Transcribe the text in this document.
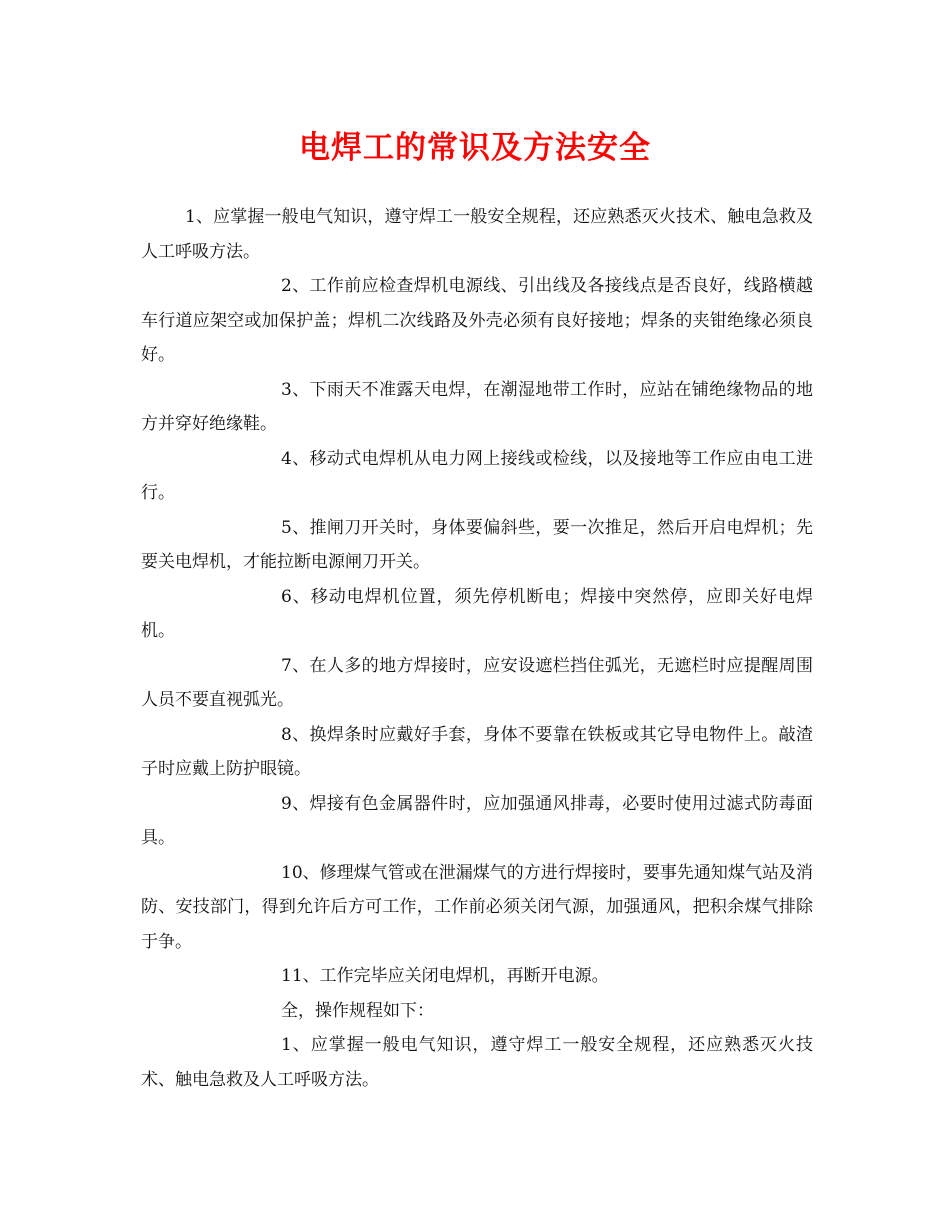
电焊工的常识及方法安全

1、应掌握一般电气知识，遵守焊工一般安全规程，还应熟悉灭火技术、触电急救及人工呼吸方法。

2、工作前应检查焊机电源线、引出线及各接线点是否良好，线路横越车行道应架空或加保护盖；焊机二次线路及外壳必须有良好接地；焊条的夹钳绝缘必须良好。

3、下雨天不准露天电焊，在潮湿地带工作时，应站在铺绝缘物品的地方并穿好绝缘鞋。

4、移动式电焊机从电力网上接线或检线，以及接地等工作应由电工进行。

5、推闸刀开关时，身体要偏斜些，要一次推足，然后开启电焊机；先要关电焊机，才能拉断电源闸刀开关。

6、移动电焊机位置，须先停机断电；焊接中突然停，应即关好电焊机。

7、在人多的地方焊接时，应安设遮栏挡住弧光，无遮栏时应提醒周围人员不要直视弧光。

8、换焊条时应戴好手套，身体不要靠在铁板或其它导电物件上。敲渣子时应戴上防护眼镜。

9、焊接有色金属器件时，应加强通风排毒，必要时使用过滤式防毒面具。

10、修理煤气管或在泄漏煤气的方进行焊接时，要事先通知煤气站及消防、安技部门，得到允许后方可工作，工作前必须关闭气源，加强通风，把积余煤气排除于争。

11、工作完毕应关闭电焊机，再断开电源。

全，操作规程如下：

1、应掌握一般电气知识，遵守焊工一般安全规程，还应熟悉灭火技术、触电急救及人工呼吸方法。
